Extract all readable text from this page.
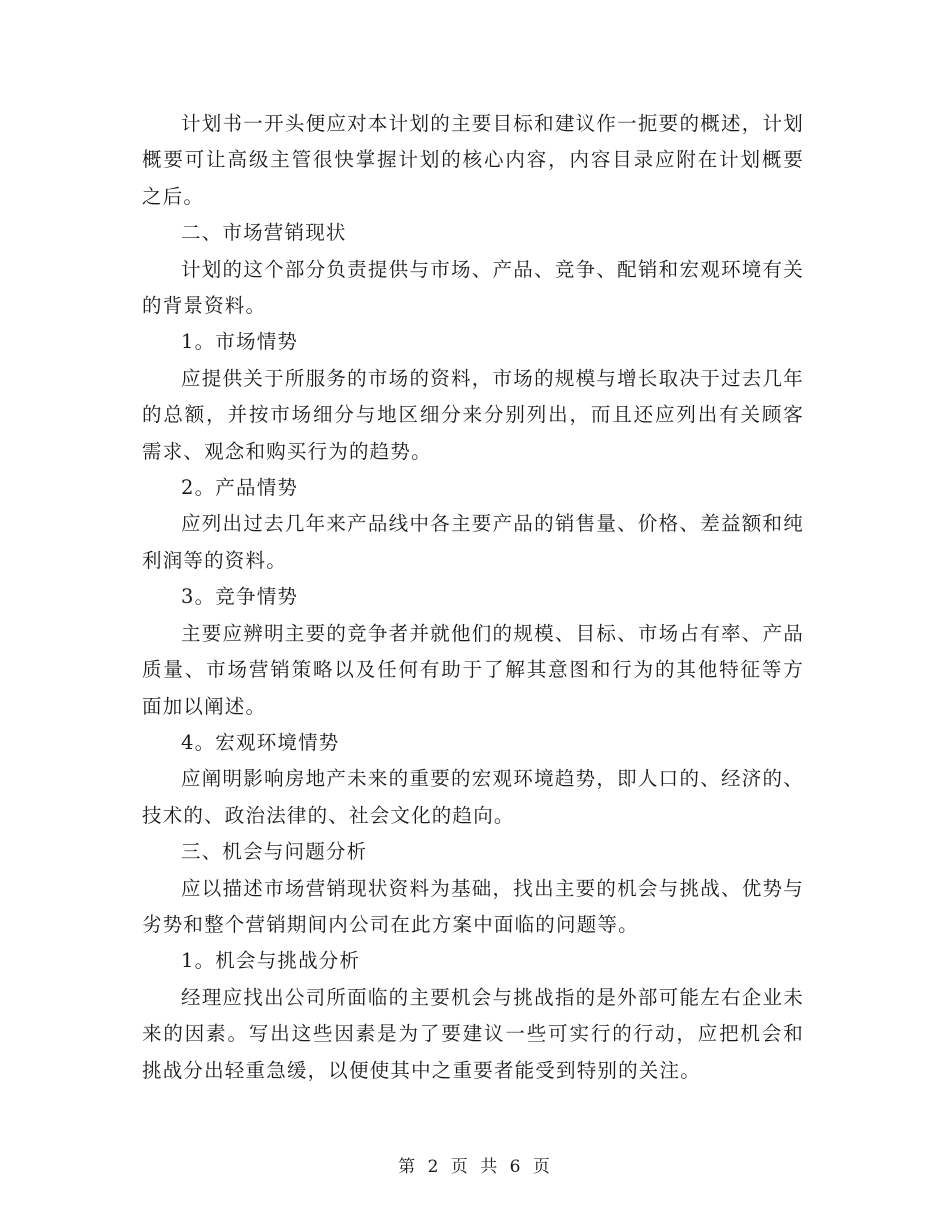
计划书一开头便应对本计划的主要目标和建议作一扼要的概述，计划概要可让高级主管很快掌握计划的核心内容，内容目录应附在计划概要之后。

二、市场营销现状

计划的这个部分负责提供与市场、产品、竞争、配销和宏观环境有关的背景资料。

1。市场情势

应提供关于所服务的市场的资料，市场的规模与增长取决于过去几年的总额，并按市场细分与地区细分来分别列出，而且还应列出有关顾客需求、观念和购买行为的趋势。

2。产品情势

应列出过去几年来产品线中各主要产品的销售量、价格、差益额和纯利润等的资料。

3。竞争情势

主要应辨明主要的竞争者并就他们的规模、目标、市场占有率、产品质量、市场营销策略以及任何有助于了解其意图和行为的其他特征等方面加以阐述。

4。宏观环境情势

应阐明影响房地产未来的重要的宏观环境趋势，即人口的、经济的、技术的、政治法律的、社会文化的趋向。

三、机会与问题分析

应以描述市场营销现状资料为基础，找出主要的机会与挑战、优势与劣势和整个营销期间内公司在此方案中面临的问题等。

1。机会与挑战分析

经理应找出公司所面临的主要机会与挑战指的是外部可能左右企业未来的因素。写出这些因素是为了要建议一些可实行的行动，应把机会和挑战分出轻重急缓，以便使其中之重要者能受到特别的关注。

第 2 页 共 6 页
